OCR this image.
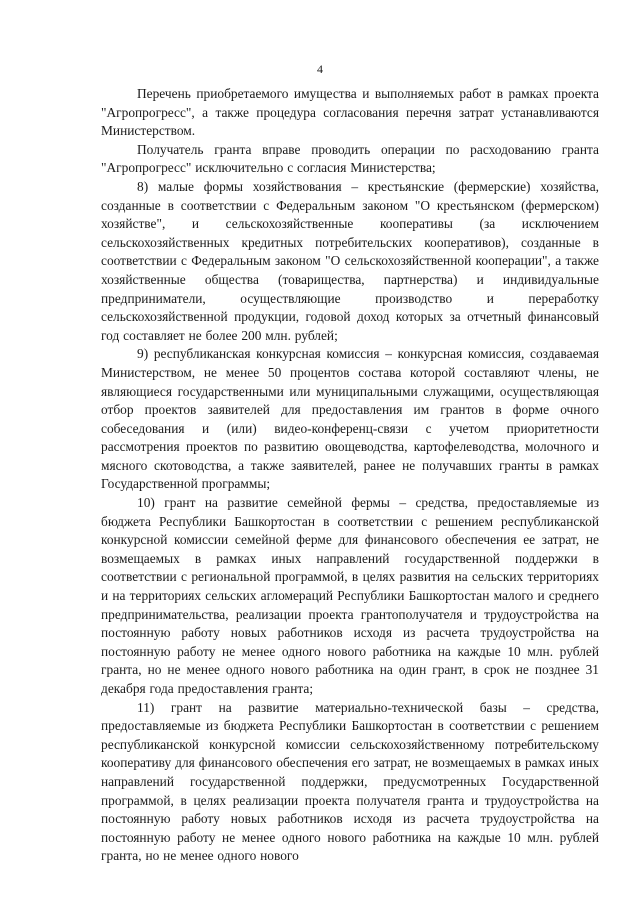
4

Перечень приобретаемого имущества и выполняемых работ в рамках проекта "Агропрогресс", а также процедура согласования перечня затрат устанавливаются Министерством.

Получатель гранта вправе проводить операции по расходованию гранта "Агропрогресс" исключительно с согласия Министерства;

8) малые формы хозяйствования – крестьянские (фермерские) хозяйства, созданные в соответствии с Федеральным законом "О крестьянском (фермерском) хозяйстве", и сельскохозяйственные кооперативы (за исключением сельскохозяйственных кредитных потребительских кооперативов), созданные в соответствии с Федеральным законом "О сельскохозяйственной кооперации", а также хозяйственные общества (товарищества, партнерства) и индивидуальные предприниматели, осуществляющие производство и переработку сельскохозяйственной продукции, годовой доход которых за отчетный финансовый год составляет не более 200 млн. рублей;

9) республиканская конкурсная комиссия – конкурсная комиссия, создаваемая Министерством, не менее 50 процентов состава которой составляют члены, не являющиеся государственными или муниципальными служащими, осуществляющая отбор проектов заявителей для предоставления им грантов в форме очного собеседования и (или) видео-конференц-связи с учетом приоритетности рассмотрения проектов по развитию овощеводства, картофелеводства, молочного и мясного скотоводства, а также заявителей, ранее не получавших гранты в рамках Государственной программы;

10) грант на развитие семейной фермы – средства, предоставляемые из бюджета Республики Башкортостан в соответствии с решением республиканской конкурсной комиссии семейной ферме для финансового обеспечения ее затрат, не возмещаемых в рамках иных направлений государственной поддержки в соответствии с региональной программой, в целях развития на сельских территориях и на территориях сельских агломераций Республики Башкортостан малого и среднего предпринимательства, реализации проекта грантополучателя и трудоустройства на постоянную работу новых работников исходя из расчета трудоустройства на постоянную работу не менее одного нового работника на каждые 10 млн. рублей гранта, но не менее одного нового работника на один грант, в срок не позднее 31 декабря года предоставления гранта;

11) грант на развитие материально-технической базы – средства, предоставляемые из бюджета Республики Башкортостан в соответствии с решением республиканской конкурсной комиссии сельскохозяйственному потребительскому кооперативу для финансового обеспечения его затрат, не возмещаемых в рамках иных направлений государственной поддержки, предусмотренных Государственной программой, в целях реализации проекта получателя гранта и трудоустройства на постоянную работу новых работников исходя из расчета трудоустройства на постоянную работу не менее одного нового работника на каждые 10 млн. рублей гранта, но не менее одного нового
